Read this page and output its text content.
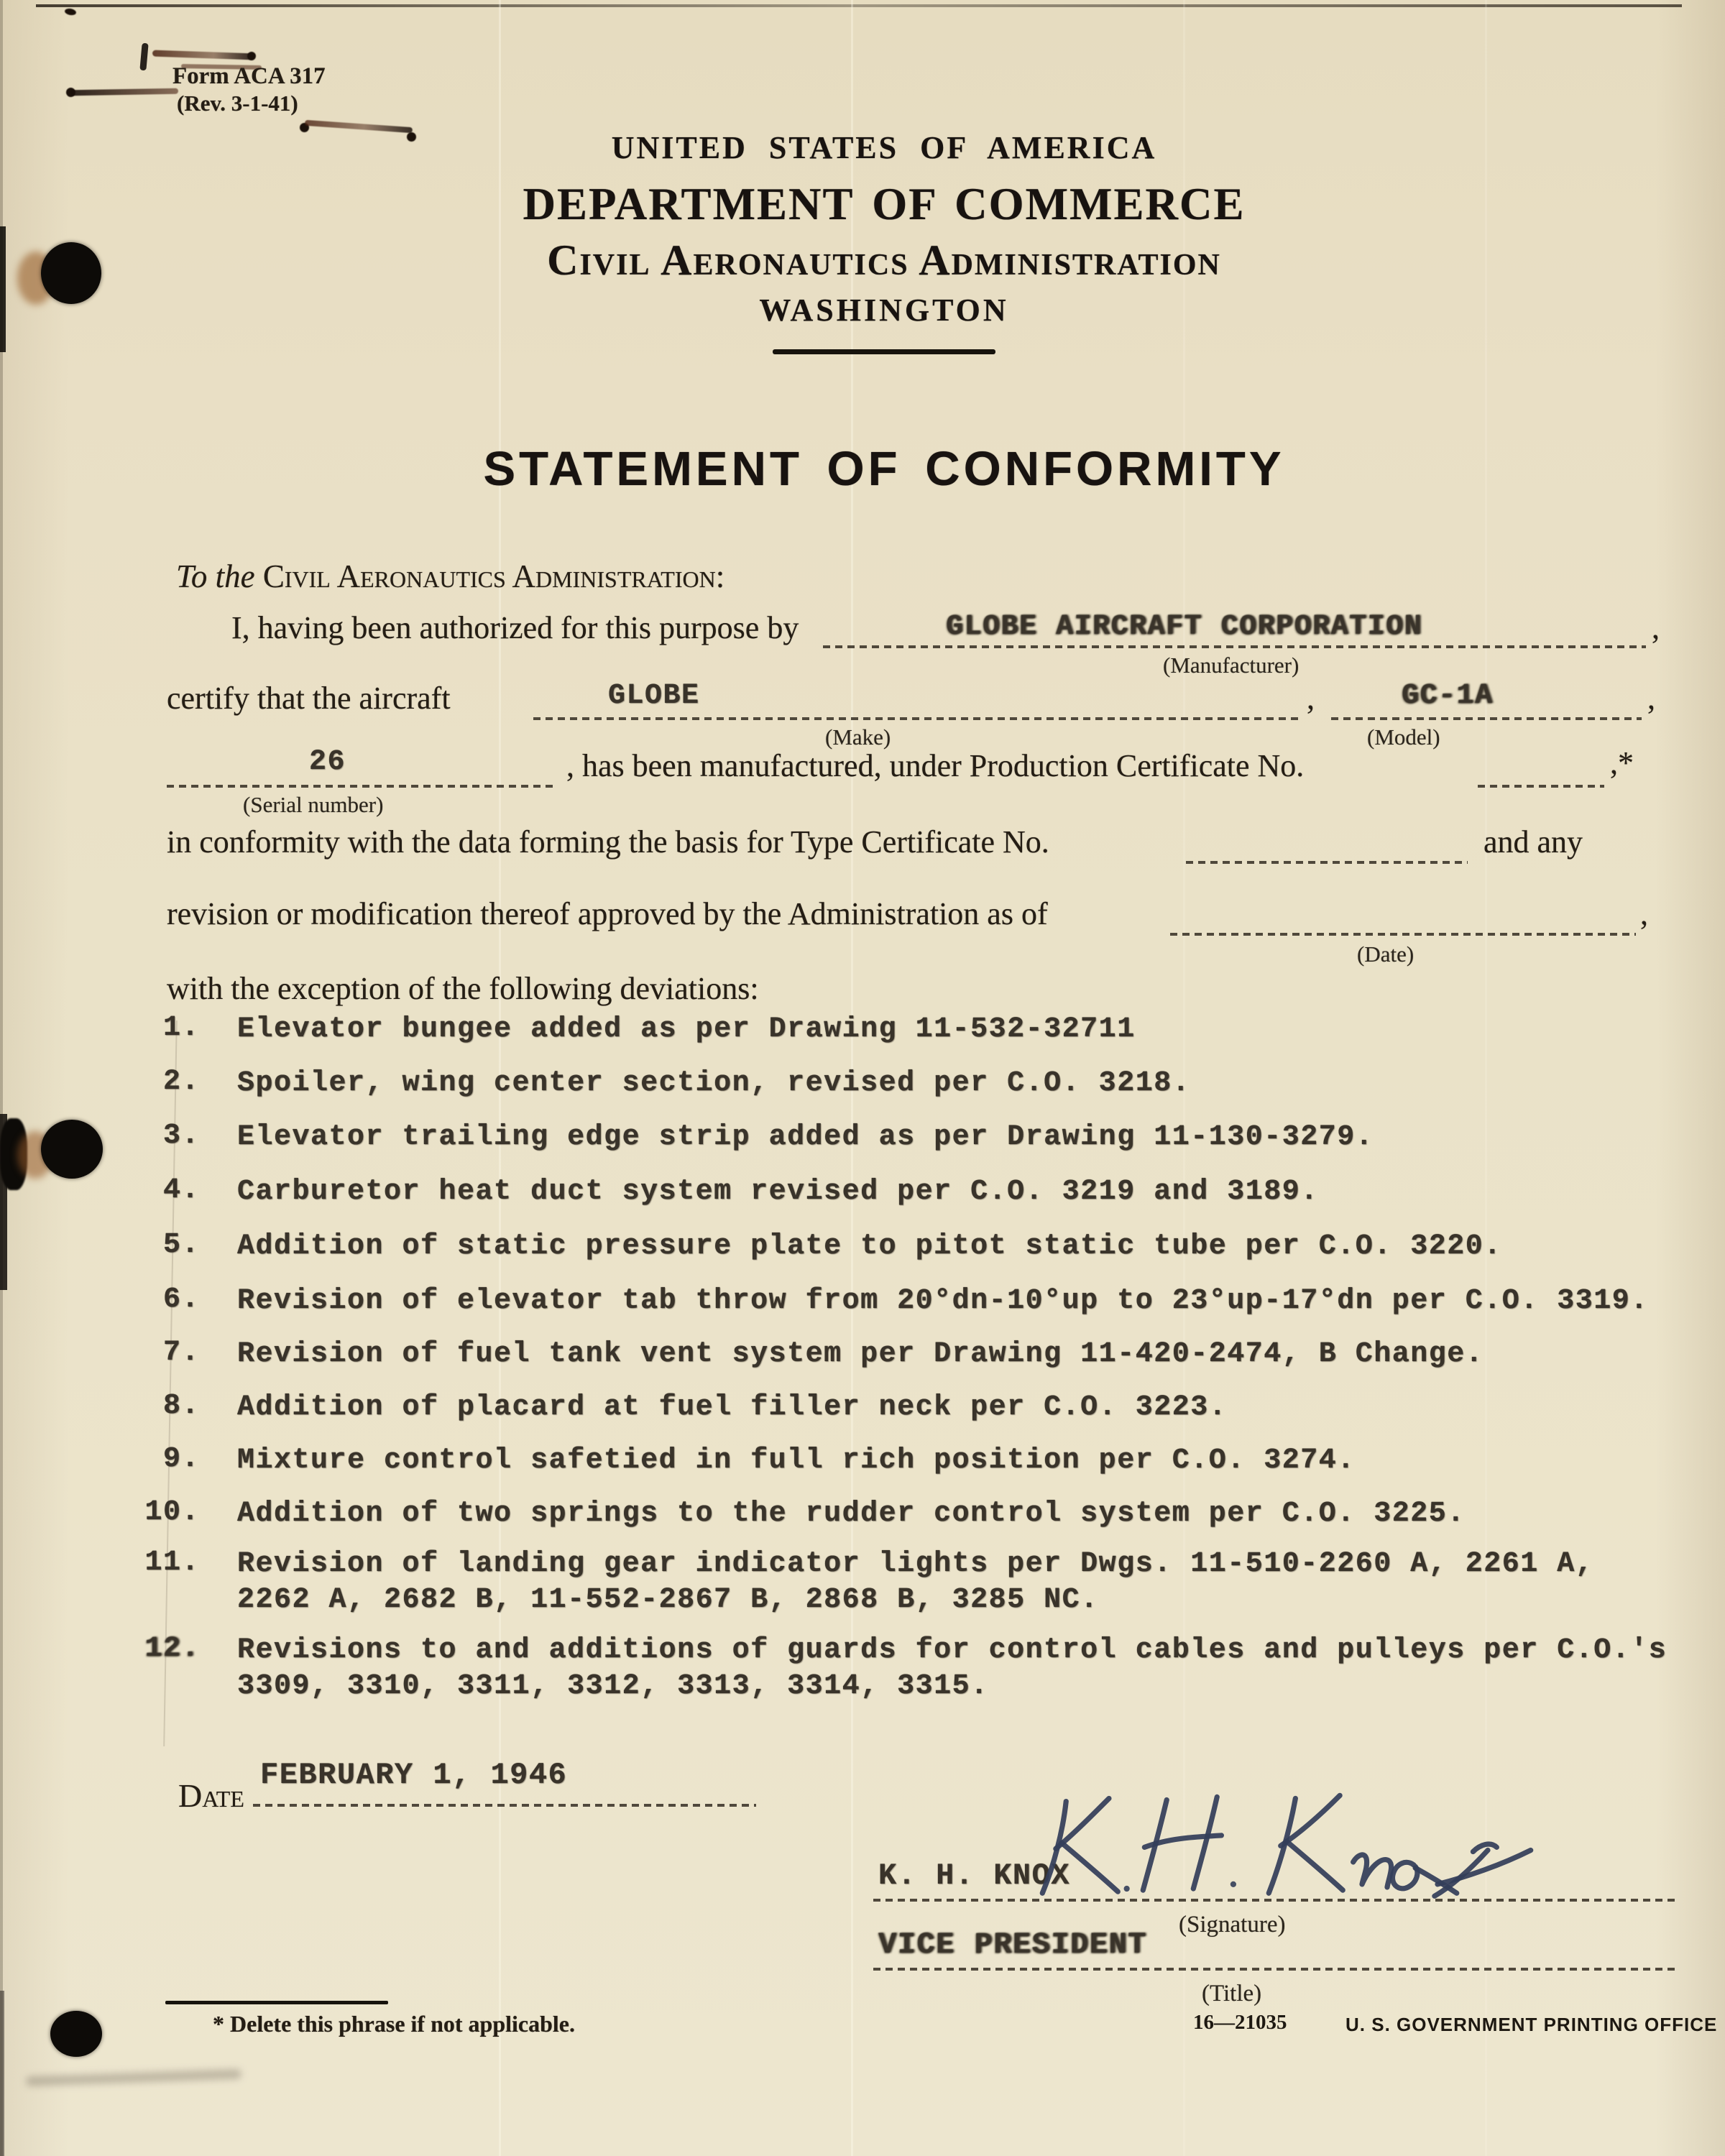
Form ACA 317
(Rev. 3-1-41)
UNITED STATES OF AMERICA
DEPARTMENT OF COMMERCE
Civil Aeronautics Administration
WASHINGTON
STATEMENT OF CONFORMITY
To the Civil Aeronautics Administration:
I, having been authorized for this purpose by	,
GLOBE AIRCRAFT CORPORATION
(Manufacturer)
certify that the aircraft	,	,
GLOBE	GC-1A
(Make)	(Model)
26
(Serial number)
, has been manufactured, under Production Certificate No.	,*
in conformity with the data forming the basis for Type Certificate No.	and any
revision or modification thereof approved by the Administration as of	,
(Date)
with the exception of the following deviations:
1. Elevator bungee added as per Drawing 11-532-32711
2. Spoiler, wing center section, revised per C.O. 3218.
3. Elevator trailing edge strip added as per Drawing 11-130-3279.
4. Carburetor heat duct system revised per C.O. 3219 and 3189.
5. Addition of static pressure plate to pitot static tube per C.O. 3220.
6. Revision of elevator tab throw from 20°dn-10°up to 23°up-17°dn per C.O. 3319.
7. Revision of fuel tank vent system per Drawing 11-420-2474, B Change.
8. Addition of placard at fuel filler neck per C.O. 3223.
9. Mixture control safetied in full rich position per C.O. 3274.
10. Addition of two springs to the rudder control system per C.O. 3225.
11. Revision of landing gear indicator lights per Dwgs. 11-510-2260 A, 2261 A,
2262 A, 2682 B, 11-552-2867 B, 2868 B, 3285 NC.
12. Revisions to and additions of guards for control cables and pulleys per C.O.'s
3309, 3310, 3311, 3312, 3313, 3314, 3315.
Date
FEBRUARY 1, 1946
K. H. KNOX
(Signature)
VICE PRESIDENT
(Title)
* Delete this phrase if not applicable.	16—21035	U. S. GOVERNMENT PRINTING OFFICE
